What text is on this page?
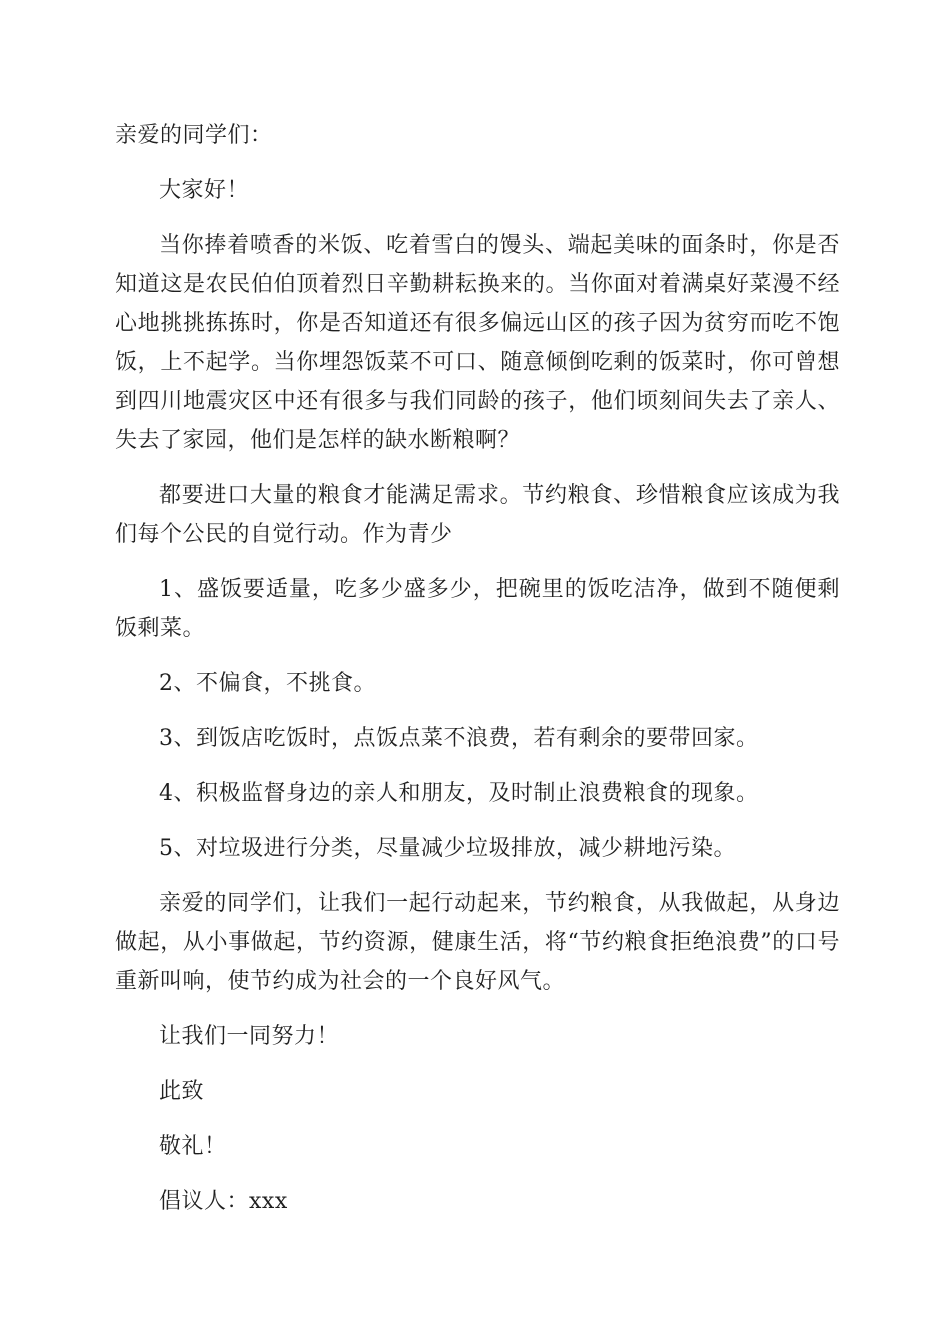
亲爱的同学们：

大家好！

当你捧着喷香的米饭、吃着雪白的馒头、端起美味的面条时，你是否知道这是农民伯伯顶着烈日辛勤耕耘换来的。当你面对着满桌好菜漫不经心地挑挑拣拣时，你是否知道还有很多偏远山区的孩子因为贫穷而吃不饱饭，上不起学。当你埋怨饭菜不可口、随意倾倒吃剩的饭菜时，你可曾想到四川地震灾区中还有很多与我们同龄的孩子，他们顷刻间失去了亲人、失去了家园，他们是怎样的缺水断粮啊？

都要进口大量的粮食才能满足需求。节约粮食、珍惜粮食应该成为我们每个公民的自觉行动。作为青少

1、盛饭要适量，吃多少盛多少，把碗里的饭吃洁净，做到不随便剩饭剩菜。

2、不偏食，不挑食。

3、到饭店吃饭时，点饭点菜不浪费，若有剩余的要带回家。

4、积极监督身边的亲人和朋友，及时制止浪费粮食的现象。

5、对垃圾进行分类，尽量减少垃圾排放，减少耕地污染。

亲爱的同学们，让我们一起行动起来，节约粮食，从我做起，从身边做起，从小事做起，节约资源，健康生活，将“节约粮食拒绝浪费”的口号重新叫响，使节约成为社会的一个良好风气。

让我们一同努力！

此致

敬礼！

倡议人：xxx
